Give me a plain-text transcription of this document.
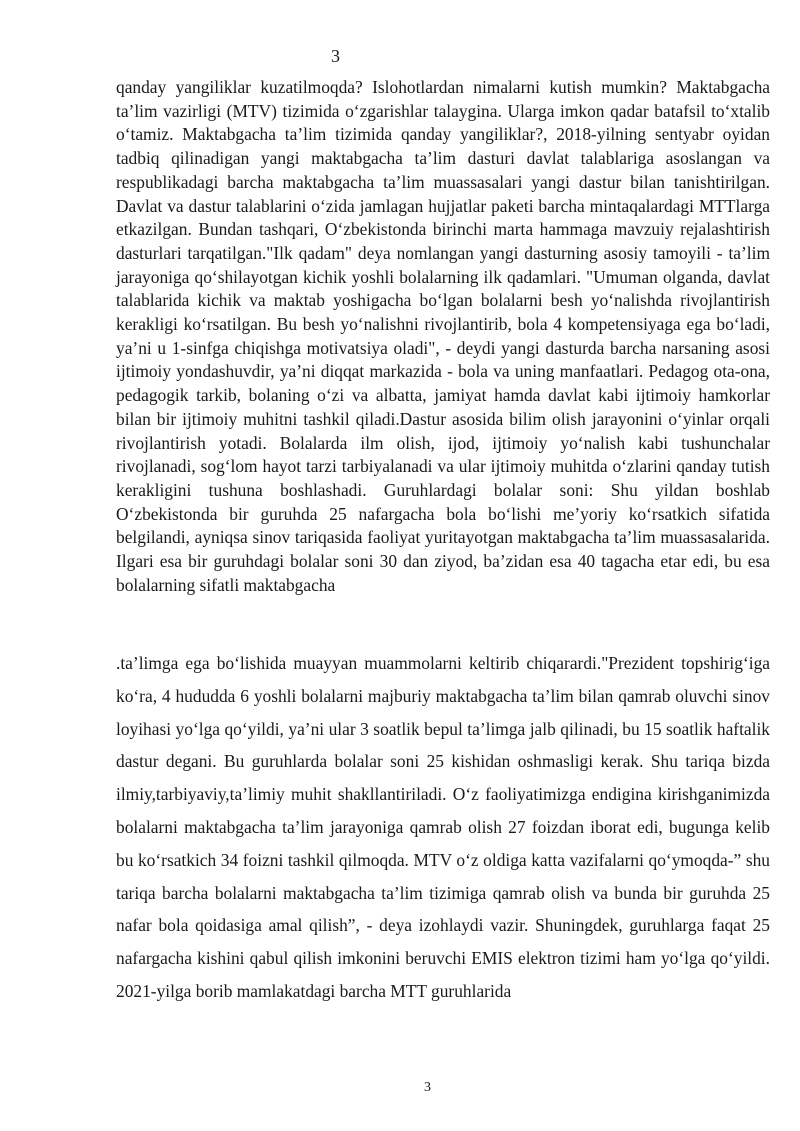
3

qanday yangiliklar kuzatilmoqda? Islohotlardan nimalarni kutish mumkin? Maktabgacha ta’lim vazirligi (MTV) tizimida o‘zgarishlar talaygina. Ularga imkon qadar batafsil to‘xtalib o‘tamiz. Maktabgacha ta’lim tizimida qanday yangiliklar?, 2018-yilning sentyabr oyidan tadbiq qilinadigan yangi maktabgacha ta’lim dasturi davlat talablariga asoslangan va respublikadagi barcha maktabgacha ta’lim muassasalari yangi dastur bilan tanishtirilgan. Davlat va dastur talablarini o‘zida jamlagan hujjatlar paketi barcha mintaqalardagi MTTlarga etkazilgan. Bundan tashqari, O‘zbekistonda birinchi marta hammaga mavzuiy rejalashtirish dasturlari tarqatilgan."Ilk qadam" deya nomlangan yangi dasturning asosiy tamoyili - ta’lim jarayoniga qo‘shilayotgan kichik yoshli bolalarning ilk qadamlari. "Umuman olganda, davlat talablarida kichik va maktab yoshigacha bo‘lgan bolalarni besh yo‘nalishda rivojlantirish kerakligi ko‘rsatilgan. Bu besh yo‘nalishni rivojlantirib, bola 4 kompetensiyaga ega bo‘ladi, ya’ni u 1-sinfga chiqishga motivatsiya oladi", - deydi yangi dasturda barcha narsaning asosi ijtimoiy yondashuvdir, ya’ni diqqat markazida - bola va uning manfaatlari. Pedagog ota-ona, pedagogik tarkib, bolaning o‘zi va albatta, jamiyat hamda davlat kabi ijtimoiy hamkorlar bilan bir ijtimoiy muhitni tashkil qiladi.Dastur asosida bilim olish jarayonini o‘yinlar orqali rivojlantirish yotadi. Bolalarda ilm olish, ijod, ijtimoiy yo‘nalish kabi tushunchalar rivojlanadi, sog‘lom hayot tarzi tarbiyalanadi va ular ijtimoiy muhitda o‘zlarini qanday tutish kerakligini tushuna boshlashadi. Guruhlardagi bolalar soni: Shu yildan boshlab O‘zbekistonda bir guruhda 25 nafargacha bola bo‘lishi me’yoriy ko‘rsatkich sifatida belgilandi, ayniqsa sinov tariqasida faoliyat yuritayotgan maktabgacha ta’lim muassasalarida. Ilgari esa bir guruhdagi bolalar soni 30 dan ziyod, ba’zidan esa 40 tagacha etar edi, bu esa bolalarning sifatli maktabgacha

.ta’limga ega bo‘lishida muayyan muammolarni keltirib chiqarardi."Prezident topshirig‘iga ko‘ra, 4 hududda 6 yoshli bolalarni majburiy maktabgacha ta’lim bilan qamrab oluvchi sinov loyihasi yo‘lga qo‘yildi, ya’ni ular 3 soatlik bepul ta’limga jalb qilinadi, bu 15 soatlik haftalik dastur degani. Bu guruhlarda bolalar soni 25 kishidan oshmasligi kerak. Shu tariqa bizda ilmiy,tarbiyaviy,ta’limiy muhit shakllantiriladi. O‘z faoliyatimizga endigina kirishganimizda bolalarni maktabgacha ta’lim jarayoniga qamrab olish 27 foizdan iborat edi, bugunga kelib bu ko‘rsatkich 34 foizni tashkil qilmoqda. MTV o‘z oldiga katta vazifalarni qo‘ymoqda-” shu tariqa barcha bolalarni maktabgacha ta’lim tizimiga qamrab olish va bunda bir guruhda 25 nafar bola qoidasiga amal qilish”, - deya izohlaydi vazir. Shuningdek, guruhlarga faqat 25 nafargacha kishini qabul qilish imkonini beruvchi EMIS elektron tizimi ham yo‘lga qo‘yildi. 2021-yilga borib mamlakatdagi barcha MTT guruhlarida

3
